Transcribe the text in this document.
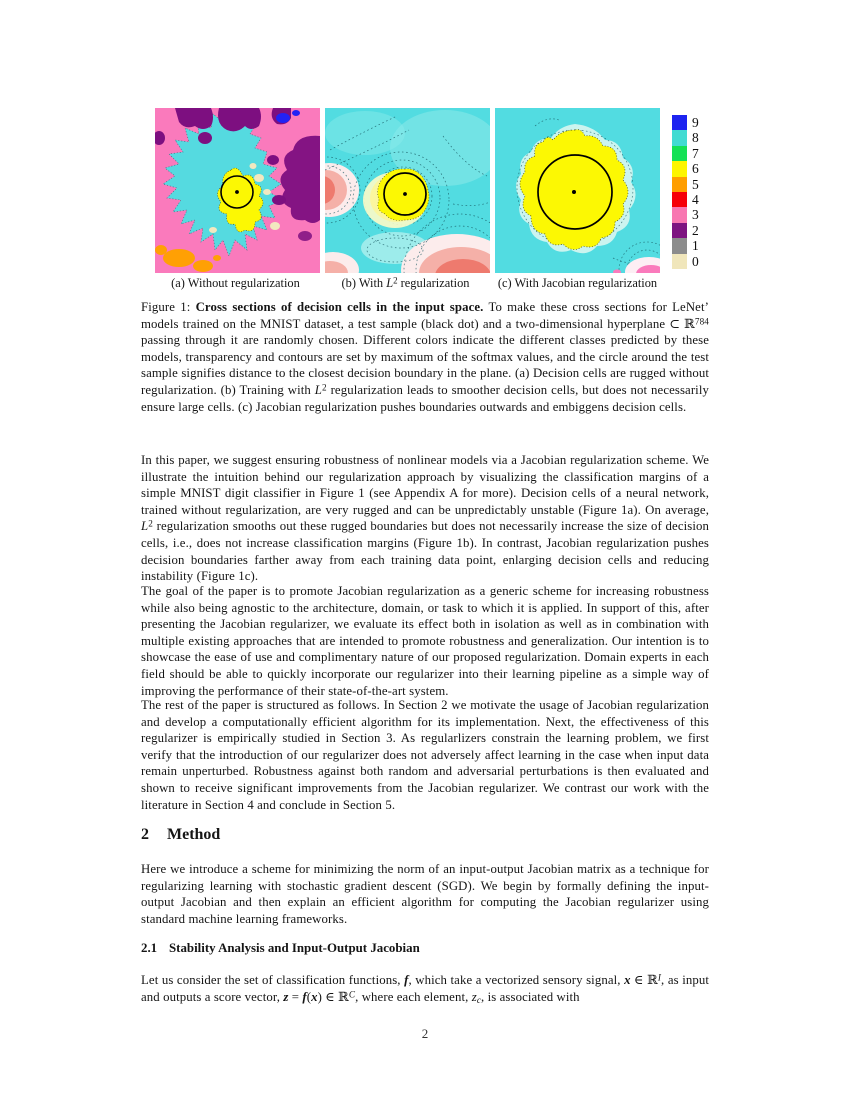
9
8
7
6
5
4
3
2
1
0
(a) Without regularization	(b) With $L^2$ regularization	(c) With Jacobian regularization
Figure 1: Cross sections of decision cells in the input space. To make these cross sections for LeNet’ models trained on the MNIST dataset, a test sample (black dot) and a two-dimensional hyperplane ⊂ ℝ$^{784}$ passing through it are randomly chosen. Different colors indicate the different classes predicted by these models, transparency and contours are set by maximum of the softmax values, and the circle around the test sample signifies distance to the closest decision boundary in the plane. (a) Decision cells are rugged without regularization. (b) Training with $L^2$ regularization leads to smoother decision cells, but does not necessarily ensure large cells. (c) Jacobian regularization pushes boundaries outwards and embiggens decision cells.
In this paper, we suggest ensuring robustness of nonlinear models via a Jacobian regularization scheme. We illustrate the intuition behind our regularization approach by visualizing the classification margins of a simple MNIST digit classifier in Figure 1 (see Appendix A for more). Decision cells of a neural network, trained without regularization, are very rugged and can be unpredictably unstable (Figure 1a). On average, $L^2$ regularization smooths out these rugged boundaries but does not necessarily increase the size of decision cells, i.e., does not increase classification margins (Figure 1b). In contrast, Jacobian regularization pushes decision boundaries farther away from each training data point, enlarging decision cells and reducing instability (Figure 1c).
The goal of the paper is to promote Jacobian regularization as a generic scheme for increasing robustness while also being agnostic to the architecture, domain, or task to which it is applied. In support of this, after presenting the Jacobian regularizer, we evaluate its effect both in isolation as well as in combination with multiple existing approaches that are intended to promote robustness and generalization. Our intention is to showcase the ease of use and complimentary nature of our proposed regularization. Domain experts in each field should be able to quickly incorporate our regularizer into their learning pipeline as a simple way of improving the performance of their state-of-the-art system.
The rest of the paper is structured as follows. In Section 2 we motivate the usage of Jacobian regularization and develop a computationally efficient algorithm for its implementation. Next, the effectiveness of this regularizer is empirically studied in Section 3. As regularlizers constrain the learning problem, we first verify that the introduction of our regularizer does not adversely affect learning in the case when input data remain unperturbed. Robustness against both random and adversarial perturbations is then evaluated and shown to receive significant improvements from the Jacobian regularizer. We contrast our work with the literature in Section 4 and conclude in Section 5.
2 Method
Here we introduce a scheme for minimizing the norm of an input-output Jacobian matrix as a technique for regularizing learning with stochastic gradient descent (SGD). We begin by formally defining the input-output Jacobian and then explain an efficient algorithm for computing the Jacobian regularizer using standard machine learning frameworks.
2.1 Stability Analysis and Input-Output Jacobian
Let us consider the set of classification functions, f, which take a vectorized sensory signal, x ∈ ℝ$^I$, as input and outputs a score vector, z = f(x) ∈ ℝ$^C$, where each element, zc, is associated with
2
